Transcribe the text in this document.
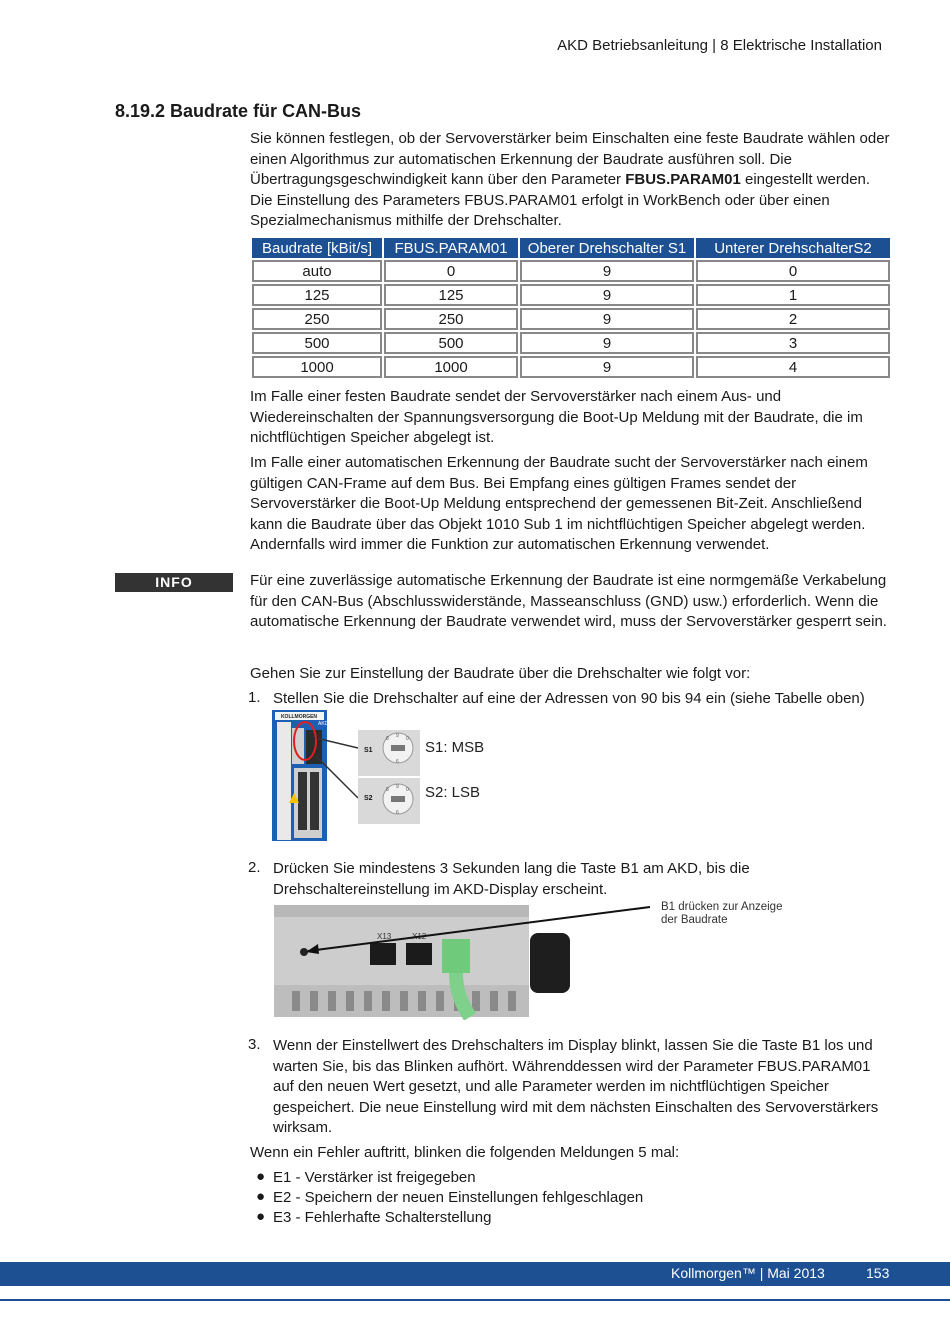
AKD Betriebsanleitung | 8 Elektrische Installation
8.19.2 Baudrate für CAN-Bus

Sie können festlegen, ob der Servoverstärker beim Einschalten eine feste Baudrate wählen oder einen Algorithmus zur automatischen Erkennung der Baudrate ausführen soll. Die Übertragungsgeschwindigkeit kann über den Parameter FBUS.PARAM01 eingestellt werden. Die Einstellung des Parameters FBUS.PARAM01 erfolgt in WorkBench oder über einen Spezialmechanismus mithilfe der Drehschalter.

Baudrate [kBit/s]	FBUS.PARAM01	Oberer Drehschalter S1	Unterer DrehschalterS2
auto	0	9	0
125	125	9	1
250	250	9	2
500	500	9	3
1000	1000	9	4

Im Falle einer festen Baudrate sendet der Servoverstärker nach einem Aus- und Wiedereinschalten der Spannungsversorgung die Boot-Up Meldung mit der Baudrate, die im nichtflüchtigen Speicher abgelegt ist.

Im Falle einer automatischen Erkennung der Baudrate sucht der Servoverstärker nach einem gültigen CAN-Frame auf dem Bus. Bei Empfang eines gültigen Frames sendet der Servoverstärker die Boot-Up Meldung entsprechend der gemessenen Bit-Zeit. Anschließend kann die Baudrate über das Objekt 1010 Sub 1 im nichtflüchtigen Speicher abgelegt werden. Andernfalls wird immer die Funktion zur automatischen Erkennung verwendet.

INFO	Für eine zuverlässige automatische Erkennung der Baudrate ist eine normgemäße Verkabelung für den CAN-Bus (Abschlusswiderstände, Masseanschluss (GND) usw.) erforderlich. Wenn die automatische Erkennung der Baudrate verwendet wird, muss der Servoverstärker gesperrt sein.

Gehen Sie zur Einstellung der Baudrate über die Drehschalter wie folgt vor:

1. Stellen Sie die Drehschalter auf eine der Adressen von 90 bis 94 ein (siehe Tabelle oben)

KOLLMORGEN
AKD
S1
S2
8 9 0
6
8 9 0
6
S1: MSB
S2: LSB
2. Drücken Sie mindestens 3 Sekunden lang die Taste B1 am AKD, bis die Drehschaltereinstellung im AKD-Display erscheint.

X13
B1 drücken zur Anzeige
der Baudrate
3. Wenn der Einstellwert des Drehschalters im Display blinkt, lassen Sie die Taste B1 los und warten Sie, bis das Blinken aufhört. Währenddessen wird der Parameter FBUS.PARAM01 auf den neuen Wert gesetzt, und alle Parameter werden im nichtflüchtigen Speicher gespeichert. Die neue Einstellung wird mit dem nächsten Einschalten des Servoverstärkers wirksam.

Wenn ein Fehler auftritt, blinken die folgenden Meldungen 5 mal:

● E1 - Verstärker ist freigegeben

● E2 - Speichern der neuen Einstellungen fehlgeschlagen

● E3 - Fehlerhafte Schalterstellung

Kollmorgen™ | Mai 2013	153
